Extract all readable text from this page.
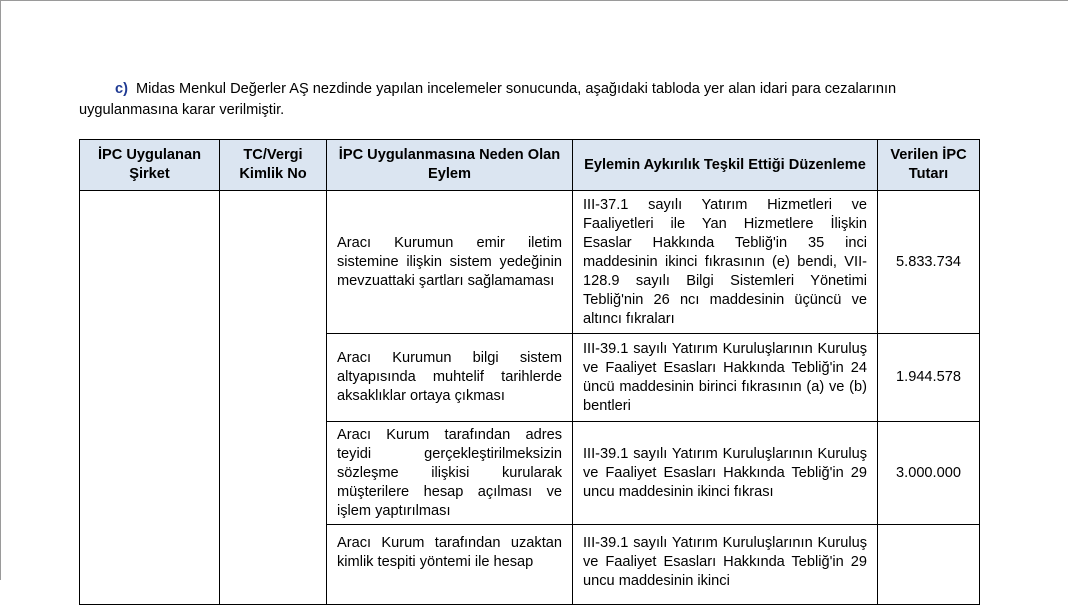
c) Midas Menkul Değerler AŞ nezdinde yapılan incelemeler sonucunda, aşağıdaki tabloda yer alan idari para cezalarının uygulanmasına karar verilmiştir.

İPC Uygulanan Şirket	TC/Vergi Kimlik No	İPC Uygulanmasına Neden Olan Eylem	Eylemin Aykırılık Teşkil Ettiği Düzenleme	Verilen İPC Tutarı
		Aracı Kurumun emir iletim sistemine ilişkin sistem yedeğinin mevzuattaki şartları sağlamaması	III-37.1 sayılı Yatırım Hizmetleri ve Faaliyetleri ile Yan Hizmetlere İlişkin Esaslar Hakkında Tebliğ'in 35 inci maddesinin ikinci fıkrasının (e) bendi, VII-128.9 sayılı Bilgi Sistemleri Yönetimi Tebliğ'nin 26 ncı maddesinin üçüncü ve altıncı fıkraları	5.833.734
		Aracı Kurumun bilgi sistem altyapısında muhtelif tarihlerde aksaklıklar ortaya çıkması	III-39.1 sayılı Yatırım Kuruluşlarının Kuruluş ve Faaliyet Esasları Hakkında Tebliğ'in 24 üncü maddesinin birinci fıkrasının (a) ve (b) bentleri	1.944.578
		Aracı Kurum tarafından adres teyidi gerçekleştirilmeksizin sözleşme ilişkisi kurularak müşterilere hesap açılması ve işlem yaptırılması	III-39.1 sayılı Yatırım Kuruluşlarının Kuruluş ve Faaliyet Esasları Hakkında Tebliğ'in 29 uncu maddesinin ikinci fıkrası	3.000.000
		Aracı Kurum tarafından uzaktan kimlik tespiti yöntemi ile hesap	III-39.1 sayılı Yatırım Kuruluşlarının Kuruluş ve Faaliyet Esasları Hakkında Tebliğ'in 29 uncu maddesinin ikinci	
